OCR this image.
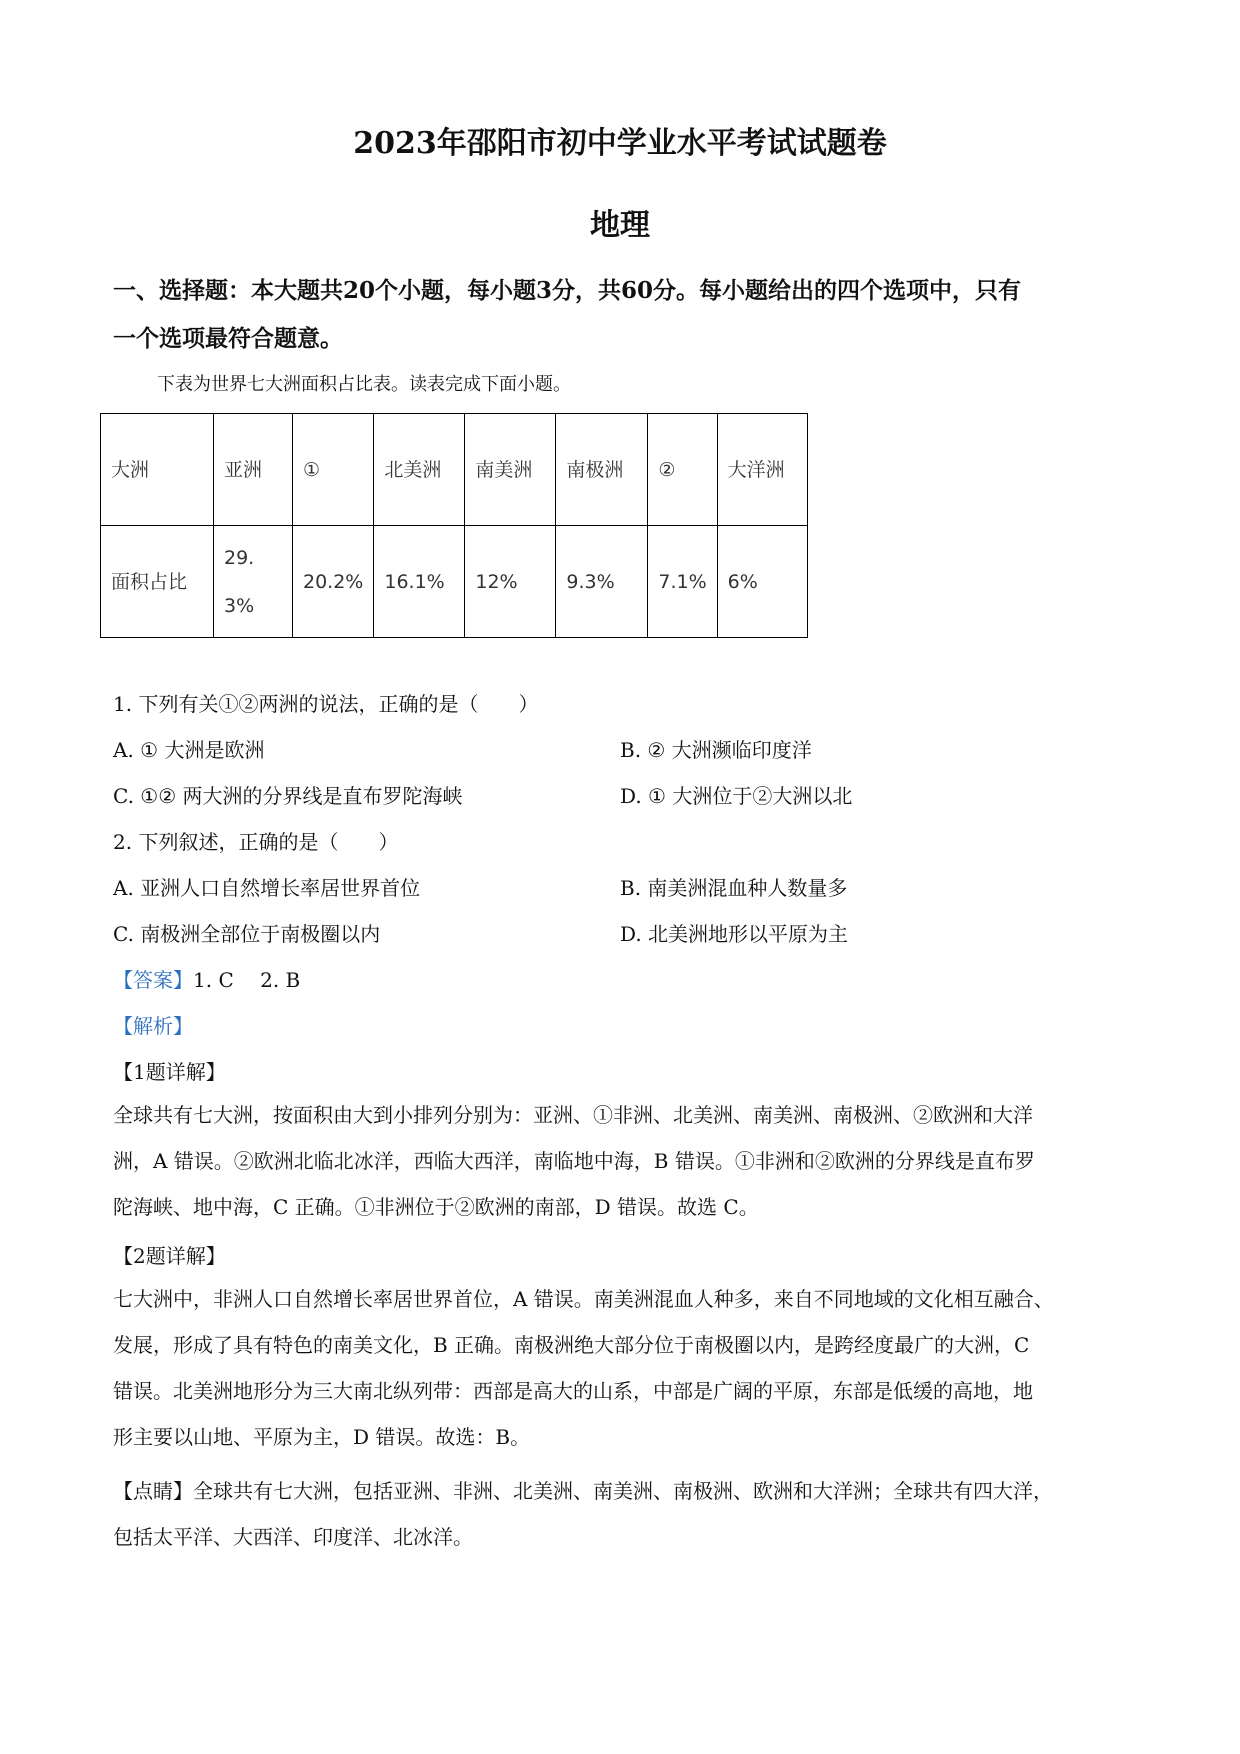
2023年邵阳市初中学业水平考试试题卷
地理
一、选择题：本大题共20个小题，每小题3分，共60分。每小题给出的四个选项中，只有
一个选项最符合题意。
下表为世界七大洲面积占比表。读表完成下面小题。
大洲	亚洲	①	北美洲	南美洲	南极洲	②	大洋洲
面积占比	29.3%	20.2%	16.1%	12%	9.3%	7.1%	6%
1. 下列有关①②两洲的说法，正确的是（　　）
A. ① 大洲是欧洲	B. ② 大洲濒临印度洋
C. ①② 两大洲的分界线是直布罗陀海峡	D. ① 大洲位于②大洲以北
2. 下列叙述，正确的是（　　）
A. 亚洲人口自然增长率居世界首位	B. 南美洲混血种人数量多
C. 南极洲全部位于南极圈以内	D. 北美洲地形以平原为主
【答案】1. C　 2. B
【解析】
【1题详解】
全球共有七大洲，按面积由大到小排列分别为：亚洲、①非洲、北美洲、南美洲、南极洲、②欧洲和大洋
洲，A 错误。②欧洲北临北冰洋，西临大西洋，南临地中海，B 错误。①非洲和②欧洲的分界线是直布罗
陀海峡、地中海，C 正确。①非洲位于②欧洲的南部，D 错误。故选 C。
【2题详解】
七大洲中，非洲人口自然增长率居世界首位，A 错误。南美洲混血人种多，来自不同地域的文化相互融合、
发展，形成了具有特色的南美文化，B 正确。南极洲绝大部分位于南极圈以内，是跨经度最广的大洲，C
错误。北美洲地形分为三大南北纵列带：西部是高大的山系，中部是广阔的平原，东部是低缓的高地，地
形主要以山地、平原为主，D 错误。故选：B。
【点睛】全球共有七大洲，包括亚洲、非洲、北美洲、南美洲、南极洲、欧洲和大洋洲；全球共有四大洋，
包括太平洋、大西洋、印度洋、北冰洋。
